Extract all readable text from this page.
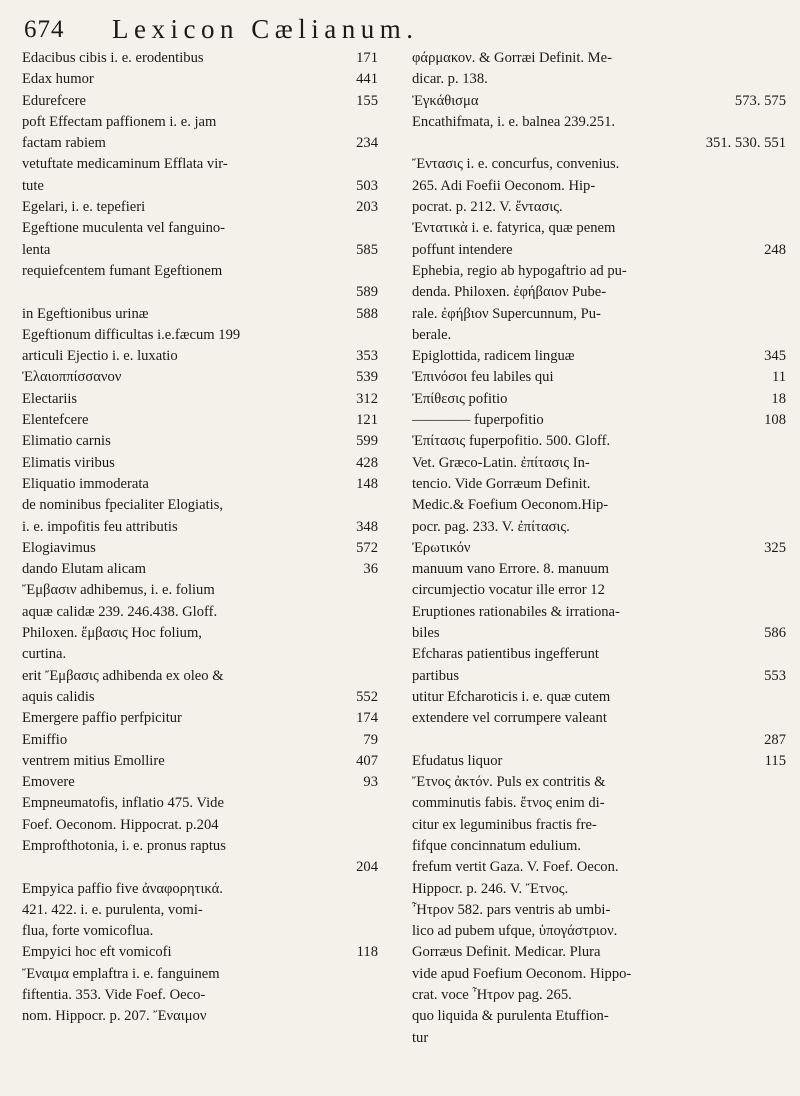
674 Lexicon Cælianum.
Edacibus cibis i. e. erodentibus	171
Edax humor	441
Edurefcere	155
poft Effectam paffionem i. e. jam
factam rabiem	234
vetuftate medicaminum Efflata vir-
tute	503
Egelari, i. e. tepefieri	203
Egeftione muculenta vel fanguino-
lenta	585
requiefcentem fumant Egeftionem
589
in Egeftionibus urinæ	588
Egeftionum difficultas i.e.fæcum 199
articuli Ejectio i. e. luxatio	353
Ἐλαιοππίσσανον	539
Electariis	312
Elentefcere	121
Elimatio carnis	599
Elimatis viribus	428
Eliquatio immoderata	148
de nominibus fpecialiter Elogiatis,
i. e. impofitis feu attributis	348
Elogiavimus	572
dando Elutam alicam	36
Ἔμβασιν adhibemus, i. e. folium
aquæ calidæ 239. 246.438. Gloff.
Philoxen. ἔμβασις Hoc folium,
curtina.
erit Ἔμβασις adhibenda ex oleo &
aquis calidis	552
Emergere paffio perfpicitur	174
Emiffio	79
ventrem mitius Emollire	407
Emovere	93
Empneumatofis, inflatio 475. Vide
Foef. Oeconom. Hippocrat. p.204
Emprofthotonia, i. e. pronus raptus
204
Empyica paffio five ἀναφορητικά.
421. 422. i. e. purulenta, vomi-
flua, forte vomicoflua.
Empyici hoc eft vomicofi	118
Ἔναιμα emplaftra i. e. fanguinem
fiftentia. 353. Vide Foef. Oeco-
nom. Hippocr. p. 207. Ἔναιμον
φάρμακον. & Gorræi Definit. Me-
dicar. p. 138.
Ἐγκάθισμα	573. 575
Encathifmata, i. e. balnea 239.251.
351. 530. 551
Ἔντασις i. e. concurfus, convenius.
265. Adi Foefii Oeconom. Hip-
pocrat. p. 212. V. ἔντασις.
Ἐντατικὰ i. e. fatyrica, quæ penem
poffunt intendere	248
Ephebia, regio ab hypogaftrio ad pu-
denda. Philoxen. ἐφήβαιον Pube-
rale. ἐφήβιον Supercunnum, Pu-
berale.
Epiglottida, radicem linguæ	345
Ἐπινόσοι feu labiles qui	11
Ἐπίθεσις pofitio	18
———— fuperpofitio	108
Ἐπίτασις fuperpofitio. 500. Gloff.
Vet. Græco-Latin. ἐπίτασις In-
tencio. Vide Gorræum Definit.
Medic.& Foefium Oeconom.Hip-
pocr. pag. 233. V. ἐπίτασις.
Ἐρωτικόν	325
manuum vano Errore. 8. manuum
circumjectio vocatur ille error 12
Eruptiones rationabiles & irrationa-
biles	586
Efcharas patientibus ingefferunt
partibus	553
utitur Efcharoticis i. e. quæ cutem
extendere vel corrumpere valeant
287
Efudatus liquor	115
Ἔτνος ἀκτόν. Puls ex contritis &
comminutis fabis. ἔτνος enim di-
citur ex leguminibus fractis fre-
fifque concinnatum edulium.
frefum vertit Gaza. V. Foef. Oecon.
Hippocr. p. 246. V. Ἔτνος.
Ἦτρον 582. pars ventris ab umbi-
lico ad pubem ufque, ὑπογάστριον.
Gorræus Definit. Medicar. Plura
vide apud Foefium Oeconom. Hippo-
crat. voce Ἦτρον pag. 265.
quo liquida & purulenta Etuffion-
tur
